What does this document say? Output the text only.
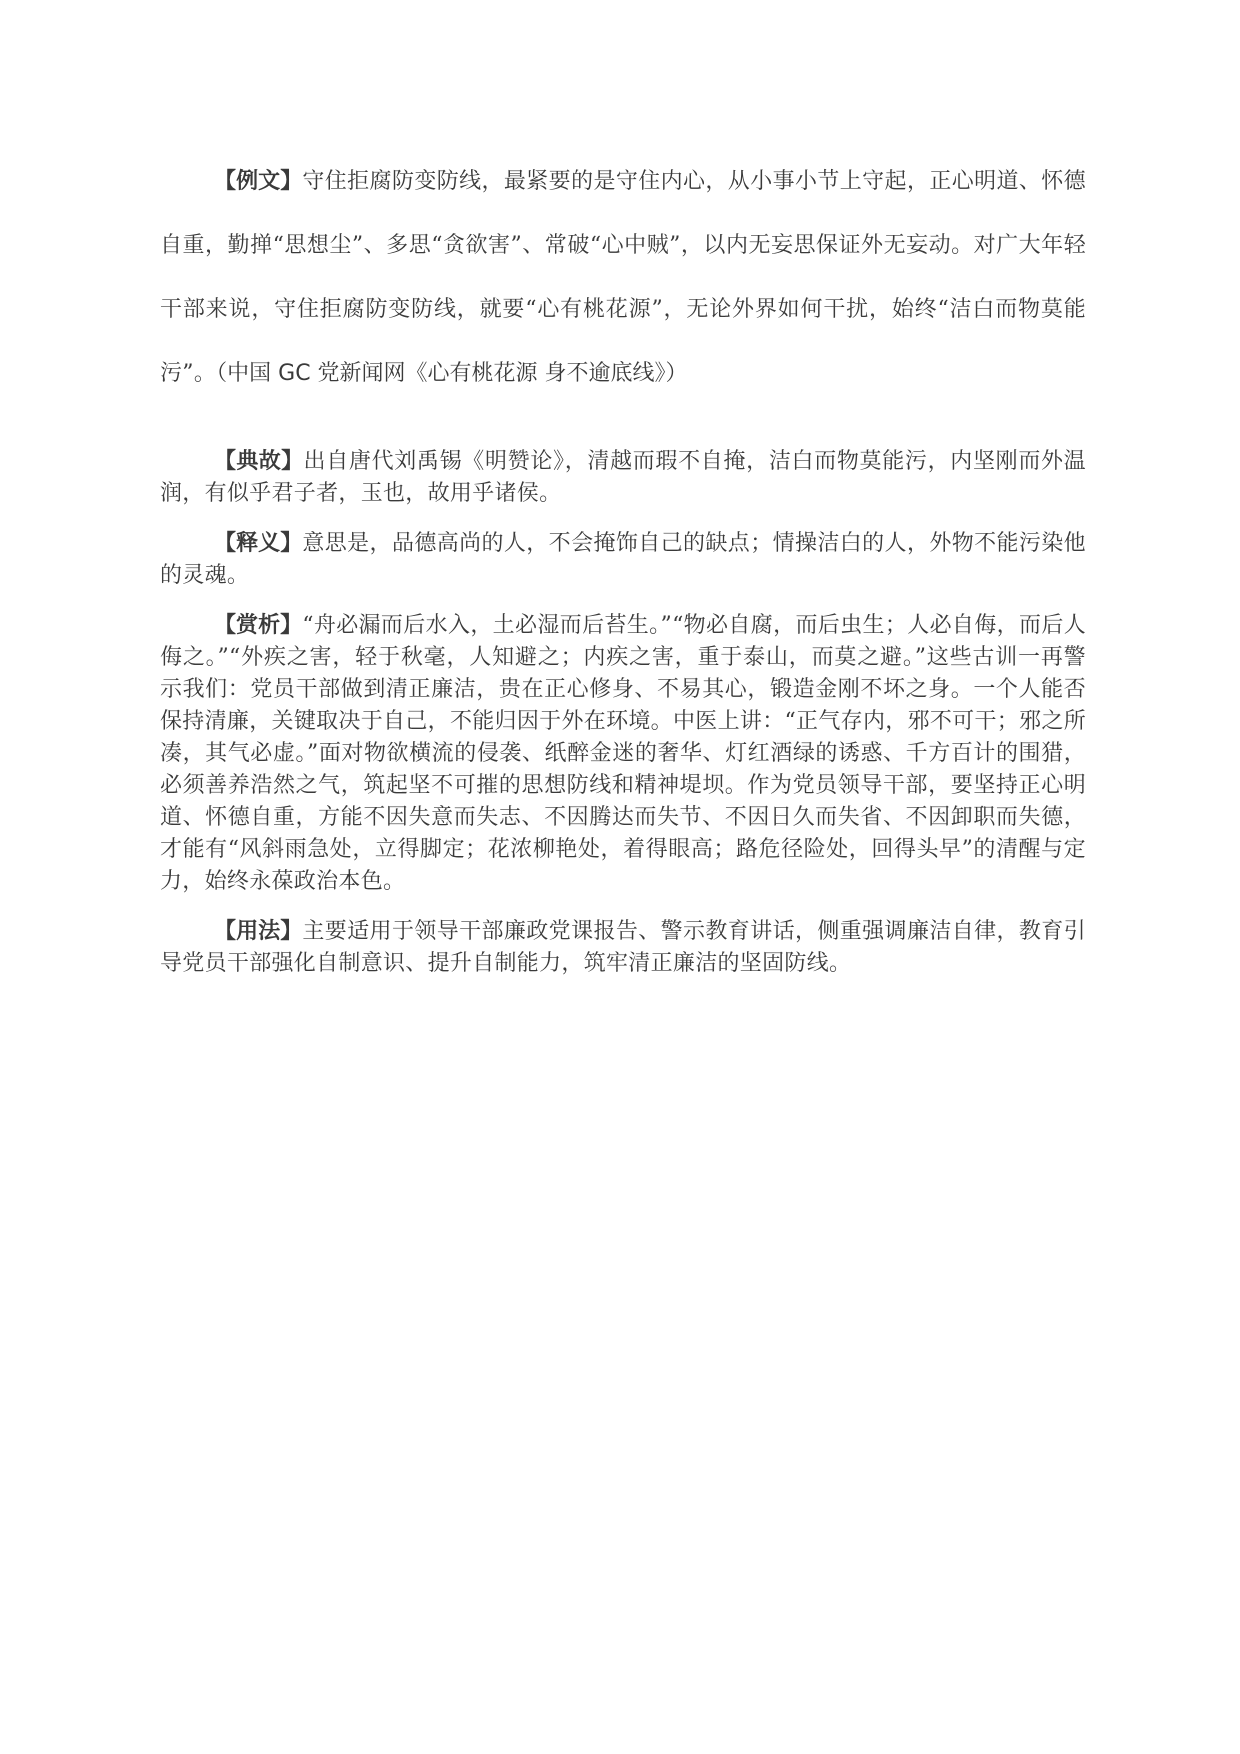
【例文】守住拒腐防变防线，最紧要的是守住内心，从小事小节上守起，正心明道、怀德自重，勤掸“思想尘”、多思“贪欲害”、常破“心中贼”，以内无妄思保证外无妄动。对广大年轻干部来说，守住拒腐防变防线，就要“心有桃花源”，无论外界如何干扰，始终“洁白而物莫能污”。（中国 GC 党新闻网《心有桃花源 身不逾底线》）

【典故】出自唐代刘禹锡《明赞论》，清越而瑕不自掩，洁白而物莫能污，内坚刚而外温润，有似乎君子者，玉也，故用乎诸侯。

【释义】意思是，品德高尚的人，不会掩饰自己的缺点；情操洁白的人，外物不能污染他的灵魂。

【赏析】“舟必漏而后水入，土必湿而后苔生。”“物必自腐，而后虫生；人必自侮，而后人侮之。”“外疾之害，轻于秋毫，人知避之；内疾之害，重于泰山，而莫之避。”这些古训一再警示我们：党员干部做到清正廉洁，贵在正心修身、不易其心，锻造金刚不坏之身。一个人能否保持清廉，关键取决于自己，不能归因于外在环境。中医上讲：“正气存内，邪不可干；邪之所凑，其气必虚。”面对物欲横流的侵袭、纸醉金迷的奢华、灯红酒绿的诱惑、千方百计的围猎，必须善养浩然之气，筑起坚不可摧的思想防线和精神堤坝。作为党员领导干部，要坚持正心明道、怀德自重，方能不因失意而失志、不因腾达而失节、不因日久而失省、不因卸职而失德，才能有“风斜雨急处，立得脚定；花浓柳艳处，着得眼高；路危径险处，回得头早”的清醒与定力，始终永葆政治本色。

【用法】主要适用于领导干部廉政党课报告、警示教育讲话，侧重强调廉洁自律，教育引导党员干部强化自制意识、提升自制能力，筑牢清正廉洁的坚固防线。
